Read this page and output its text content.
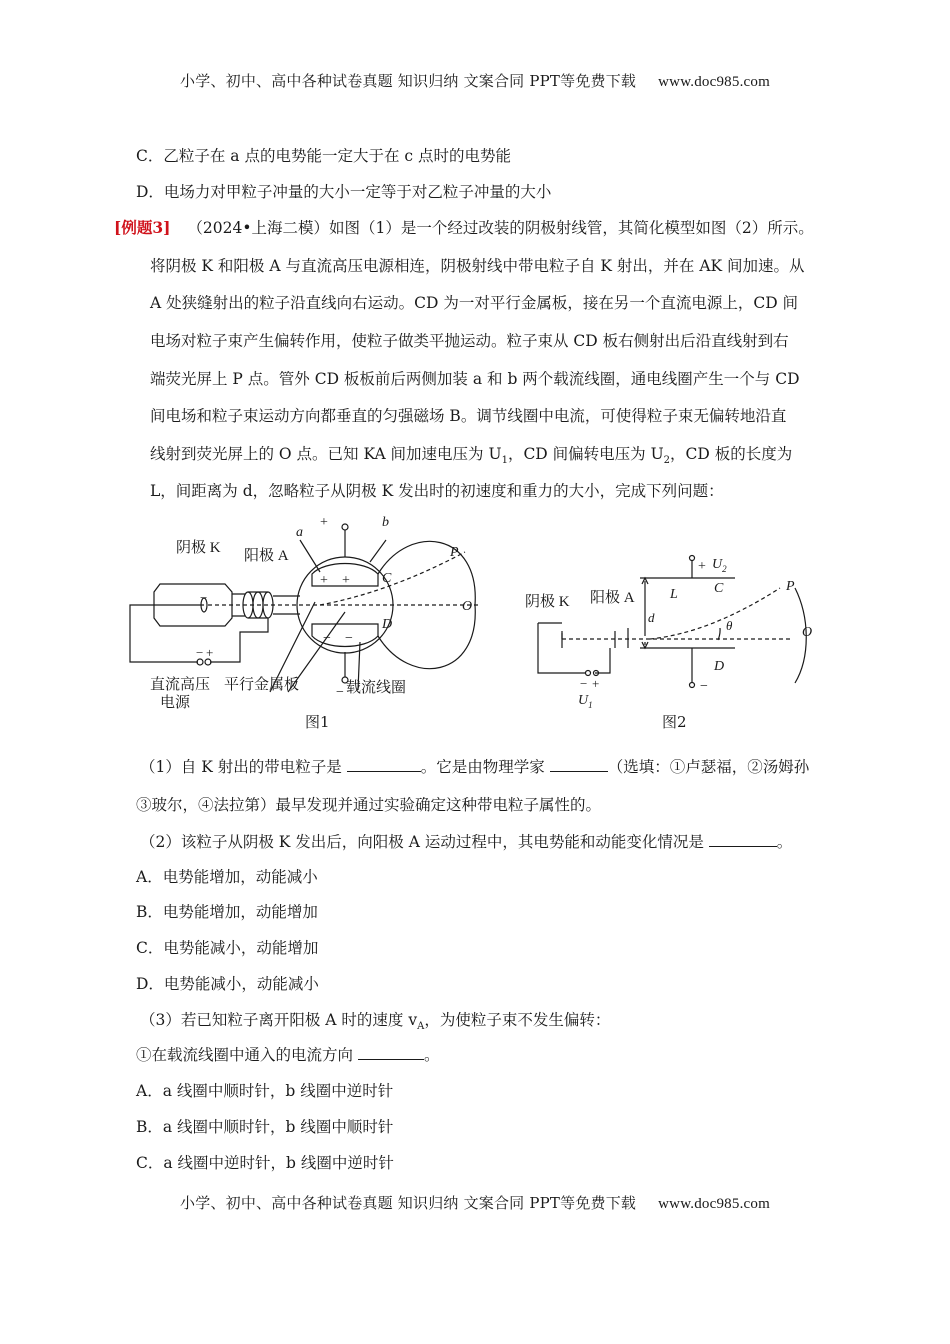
小学、初中、高中各种试卷真题 知识归纳 文案合同 PPT等免费下载 www.doc985.com
C．乙粒子在 a 点的电势能一定大于在 c 点时的电势能
D．电场力对甲粒子冲量的大小一定等于对乙粒子冲量的大小
[例题3] （2024•上海二模）如图（1）是一个经过改装的阴极射线管，其简化模型如图（2）所示。
将阴极 K 和阳极 A 与直流高压电源相连，阴极射线中带电粒子自 K 射出，并在 AK 间加速。从
A 处狭缝射出的粒子沿直线向右运动。CD 为一对平行金属板，接在另一个直流电源上，CD 间
电场对粒子束产生偏转作用，使粒子做类平抛运动。粒子束从 CD 板右侧射出后沿直线射到右
端荧光屏上 P 点。管外 CD 板板前后两侧加装 a 和 b 两个载流线圈，通电线圈产生一个与 CD
间电场和粒子束运动方向都垂直的匀强磁场 B。调节线圈中电流，可使得粒子束无偏转地沿直
线射到荧光屏上的 O 点。已知 KA 间加速电压为 $U_1$，CD 间偏转电压为 $U_2$，CD 板的长度为
L，间距离为 d，忽略粒子从阴极 K 发出时的初速度和重力的大小，完成下列问题：
阴极 K 阳极 A
+
a
b
C
D
P
O
+ +
− −
−
− +
−
直流高压
电源
平行金属板	载流线圈
图1
阴极 K 阳极 A
+ $U_2$
L	C
D
d
θ
P
O
−
− +
$U_1$
图2
（1）自 K 射出的带电粒子是	。它是由物理学家	（选填：①卢瑟福，②汤姆孙
③玻尔，④法拉第）最早发现并通过实验确定这种带电粒子属性的。
（2）该粒子从阴极 K 发出后，向阳极 A 运动过程中，其电势能和动能变化情况是	。
A．电势能增加，动能减小
B．电势能增加，动能增加
C．电势能减小，动能增加
D．电势能减小，动能减小
（3）若已知粒子离开阳极 A 时的速度 $v_A$，为使粒子束不发生偏转：
①在载流线圈中通入的电流方向	。
A．a 线圈中顺时针，b 线圈中逆时针
B．a 线圈中顺时针，b 线圈中顺时针
C．a 线圈中逆时针，b 线圈中逆时针
小学、初中、高中各种试卷真题 知识归纳 文案合同 PPT等免费下载 www.doc985.com
